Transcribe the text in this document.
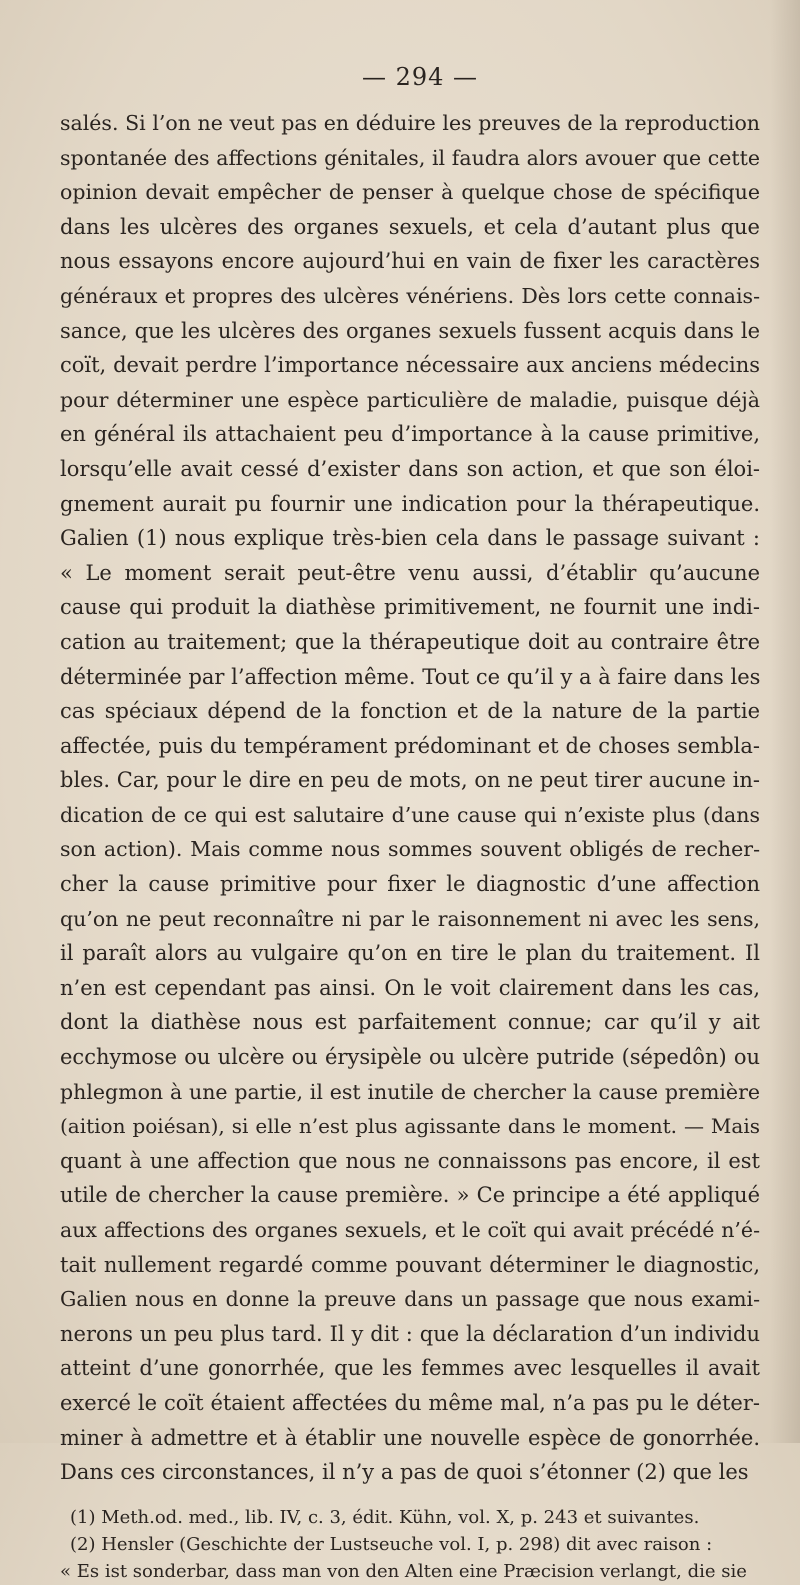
— 294 —
salés. Si l’on ne veut pas en déduire les preuves de la reproduction
spontanée des affections génitales, il faudra alors avouer que cette
opinion devait empêcher de penser à quelque chose de spécifique
dans les ulcères des organes sexuels, et cela d’autant plus que
nous essayons encore aujourd’hui en vain de fixer les caractères
généraux et propres des ulcères vénériens. Dès lors cette connais-
sance, que les ulcères des organes sexuels fussent acquis dans le
coït, devait perdre l’importance nécessaire aux anciens médecins
pour déterminer une espèce particulière de maladie, puisque déjà
en général ils attachaient peu d’importance à la cause primitive,
lorsqu’elle avait cessé d’exister dans son action, et que son éloi-
gnement aurait pu fournir une indication pour la thérapeutique.
Galien (1) nous explique très-bien cela dans le passage suivant :
« Le moment serait peut-être venu aussi, d’établir qu’aucune
cause qui produit la diathèse primitivement, ne fournit une indi-
cation au traitement; que la thérapeutique doit au contraire être
déterminée par l’affection même. Tout ce qu’il y a à faire dans les
cas spéciaux dépend de la fonction et de la nature de la partie
affectée, puis du tempérament prédominant et de choses sembla-
bles. Car, pour le dire en peu de mots, on ne peut tirer aucune in-
dication de ce qui est salutaire d’une cause qui n’existe plus (dans
son action). Mais comme nous sommes souvent obligés de recher-
cher la cause primitive pour fixer le diagnostic d’une affection
qu’on ne peut reconnaître ni par le raisonnement ni avec les sens,
il paraît alors au vulgaire qu’on en tire le plan du traitement. Il
n’en est cependant pas ainsi. On le voit clairement dans les cas,
dont la diathèse nous est parfaitement connue; car qu’il y ait
ecchymose ou ulcère ou érysipèle ou ulcère putride (sépedôn) ou
phlegmon à une partie, il est inutile de chercher la cause première
(aition poiésan), si elle n’est plus agissante dans le moment. — Mais
quant à une affection que nous ne connaissons pas encore, il est
utile de chercher la cause première. » Ce principe a été appliqué
aux affections des organes sexuels, et le coït qui avait précédé n’é-
tait nullement regardé comme pouvant déterminer le diagnostic,
Galien nous en donne la preuve dans un passage que nous exami-
nerons un peu plus tard. Il y dit : que la déclaration d’un individu
atteint d’une gonorrhée, que les femmes avec lesquelles il avait
exercé le coït étaient affectées du même mal, n’a pas pu le déter-
miner à admettre et à établir une nouvelle espèce de gonorrhée.
Dans ces circonstances, il n’y a pas de quoi s’étonner (2) que les
(1) Meth.od. med., lib. IV, c. 3, édit. Kühn, vol. X, p. 243 et suivantes.
(2) Hensler (Geschichte der Lustseuche vol. I, p. 298) dit avec raison :
« Es ist sonderbar, dass man von den Alten eine Præcision verlangt, die sie
